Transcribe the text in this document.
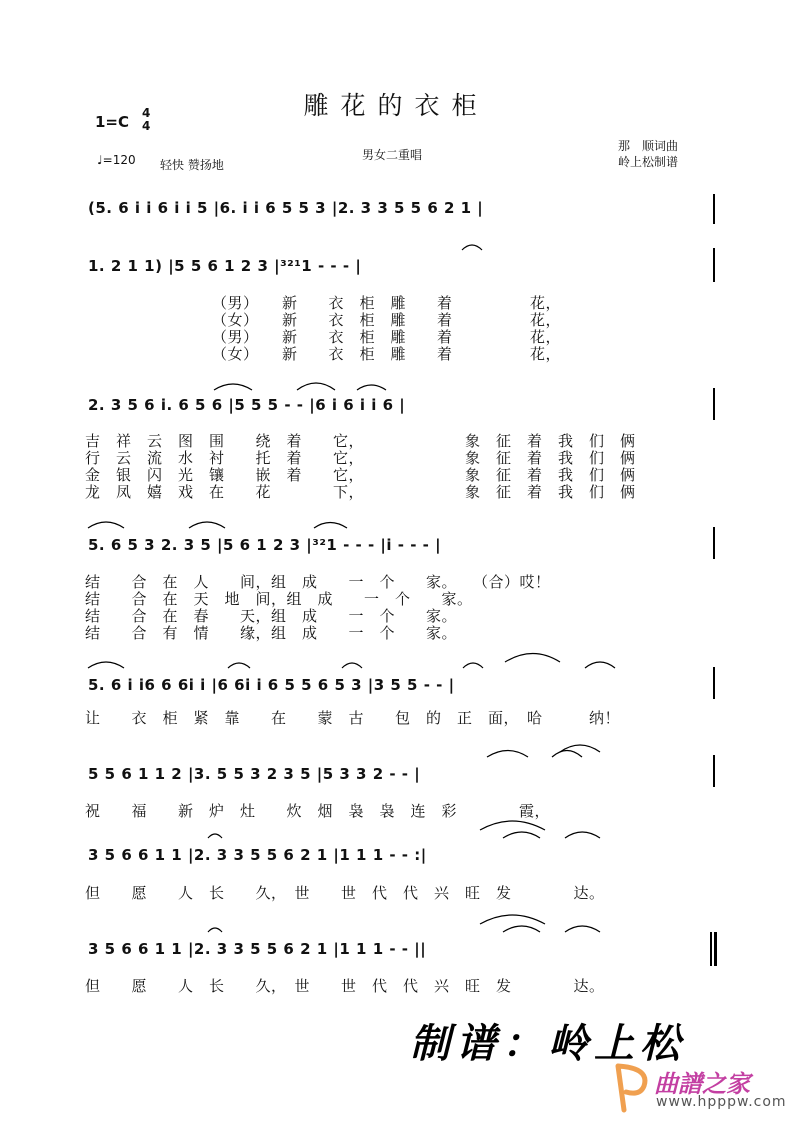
雕花的衣柜
1=C 4
4
♩=120 轻快 赞扬地
男女二重唱
那　顺词曲
岭上松制谱
(5. 6 i i 6 i i 5 |6. i i 6 5 5 3 |2. 3 3 5 5 6 2 1 |
1. 2 1 1) |5 5 6 1 2 3 |³²¹1 - - - |
（男）　　新　　衣　柜　雕　　着　　　　　花，
（女）　　新　　衣　柜　雕　　着　　　　　花，
（男）　　新　　衣　柜　雕　　着　　　　　花，
（女）　　新　　衣　柜　雕　　着　　　　　花，
2. 3 5 6 i. 6 5 6 |5 5 5 - - |6 i 6 i i 6 |
吉　祥　云　图　围　　绕　着　　它，　　　　　　　象　征　着　我　们　俩
行　云　流　水　衬　　托　着　　它，　　　　　　　象　征　着　我　们　俩
金　银　闪　光　镶　　嵌　着　　它，　　　　　　　象　征　着　我　们　俩
龙　凤　嬉　戏　在　　花　　　　下，　　　　　　　象　征　着　我　们　俩
5. 6 5 3 2. 3 5 |5 6 1 2 3 |³²1 - - - |i - - - |
结　　合　在　人　　间，组　成　　一　个　　家。　　（合）哎！
结　　合　在　天　地　间，组　成　　一　个　　家。
结　　合　在　春　　天，组　成　　一　个　　家。
结　　合　有　情　　缘，组　成　　一　个　　家。
5. 6 i i6 6 6i i |6 6i i 6 5 5 6 5 3 |3 5 5 - - |
让　　衣　柜　紧　靠　　在　　蒙　古　　包　的　正　面，　哈　　　纳！
5 5 6 1 1 2 |3. 5 5 3 2 3 5 |5 3 3 2 - - |
祝　　福　　新　炉　灶　　炊　烟　袅　袅　连　彩　　　　霞，
3 5 6 6 1 1 |2. 3 3 5 5 6 2 1 |1 1 1 - - :|
但　　愿　　人　长　　久，　世　　世　代　代　兴　旺　发　　　　达。
3 5 6 6 1 1 |2. 3 3 5 5 6 2 1 |1 1 1 - - ||
但　　愿　　人　长　　久，　世　　世　代　代　兴　旺　发　　　　达。
制谱：岭上松
曲譜之家
www.hpppw.com
